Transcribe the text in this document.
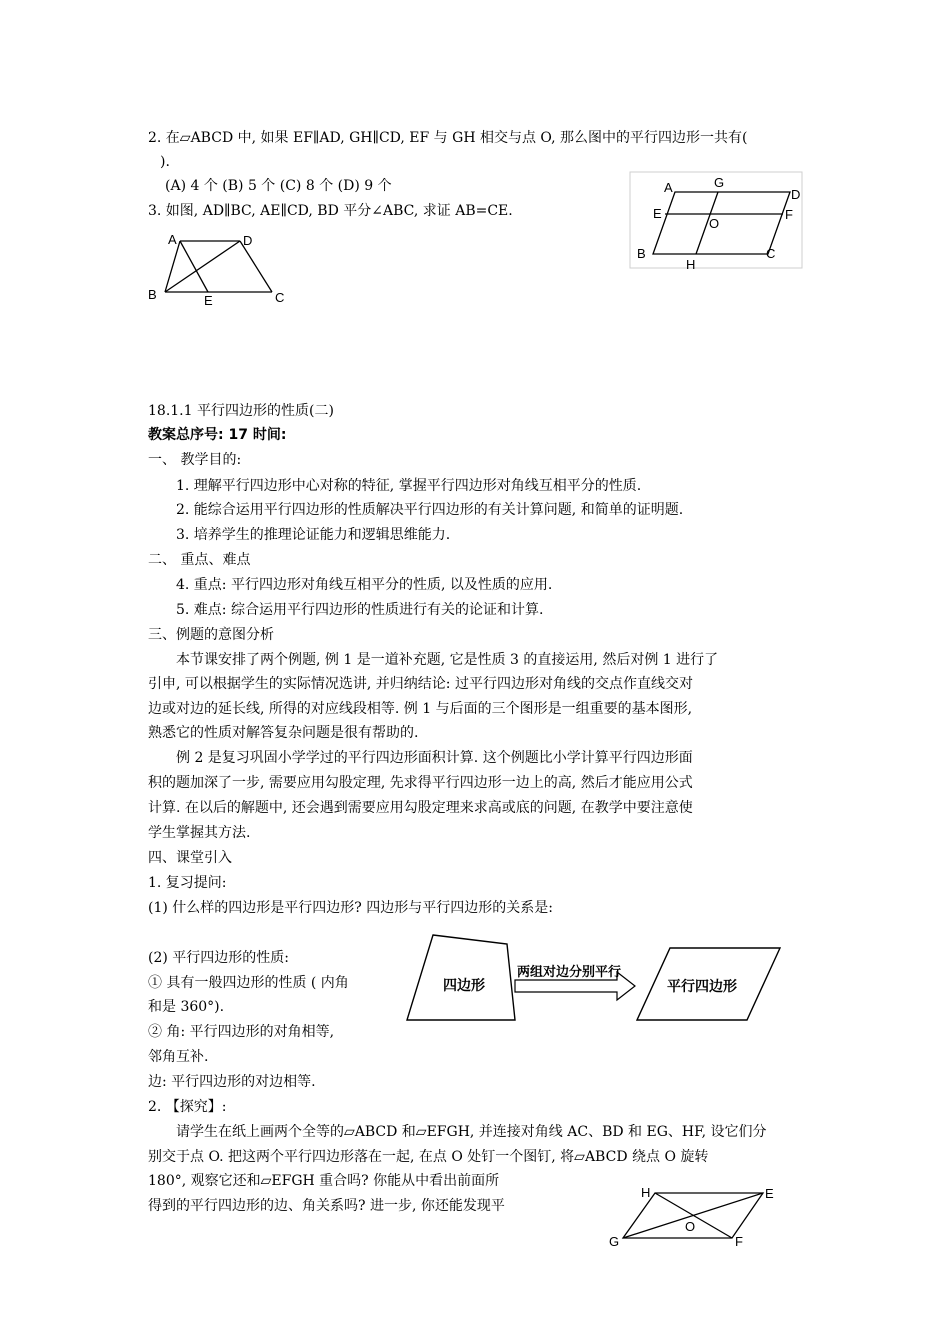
2. 在▱ABCD 中, 如果 EF∥AD, GH∥CD, EF 与 GH 相交与点 O, 那么图中的平行四边形一共有(
).
(A) 4 个 (B) 5 个 (C) 8 个 (D) 9 个
3. 如图, AD∥BC, AE∥CD, BD 平分∠ABC, 求证 AB=CE.
A	G
D
E
O
F
B
H
C
A	D
B	E	C
18.1.1 平行四边形的性质(二)
教案总序号: 17 时间:
一、 教学目的:
1. 理解平行四边形中心对称的特征, 掌握平行四边形对角线互相平分的性质.
2. 能综合运用平行四边形的性质解决平行四边形的有关计算问题, 和简单的证明题.
3. 培养学生的推理论证能力和逻辑思维能力.
二、 重点、难点
4. 重点: 平行四边形对角线互相平分的性质, 以及性质的应用.
5. 难点: 综合运用平行四边形的性质进行有关的论证和计算.
三、例题的意图分析
本节课安排了两个例题, 例 1 是一道补充题, 它是性质 3 的直接运用, 然后对例 1 进行了
引申, 可以根据学生的实际情况选讲, 并归纳结论: 过平行四边形对角线的交点作直线交对
边或对边的延长线, 所得的对应线段相等. 例 1 与后面的三个图形是一组重要的基本图形,
熟悉它的性质对解答复杂问题是很有帮助的.
例 2 是复习巩固小学学过的平行四边形面积计算. 这个例题比小学计算平行四边形面
积的题加深了一步, 需要应用勾股定理, 先求得平行四边形一边上的高, 然后才能应用公式
计算. 在以后的解题中, 还会遇到需要应用勾股定理来求高或底的问题, 在教学中要注意使
学生掌握其方法.
四、课堂引入
1. 复习提问:
(1) 什么样的四边形是平行四边形? 四边形与平行四边形的关系是:
(2) 平行四边形的性质:
① 具有一般四边形的性质 ( 内角
和是 360°).
② 角: 平行四边形的对角相等,
邻角互补.
边: 平行四边形的对边相等.
2. 【探究】:
请学生在纸上画两个全等的▱ABCD 和▱EFGH, 并连接对角线 AC、BD 和 EG、HF, 设它们分
别交于点 O. 把这两个平行四边形落在一起, 在点 O 处钉一个图钉, 将▱ABCD 绕点 O 旋转
180°, 观察它还和▱EFGH 重合吗? 你能从中看出前面所
得到的平行四边形的边、角关系吗? 进一步, 你还能发现平
四边形
两组对边分别平行
平行四边形
H	E
O
G	F
